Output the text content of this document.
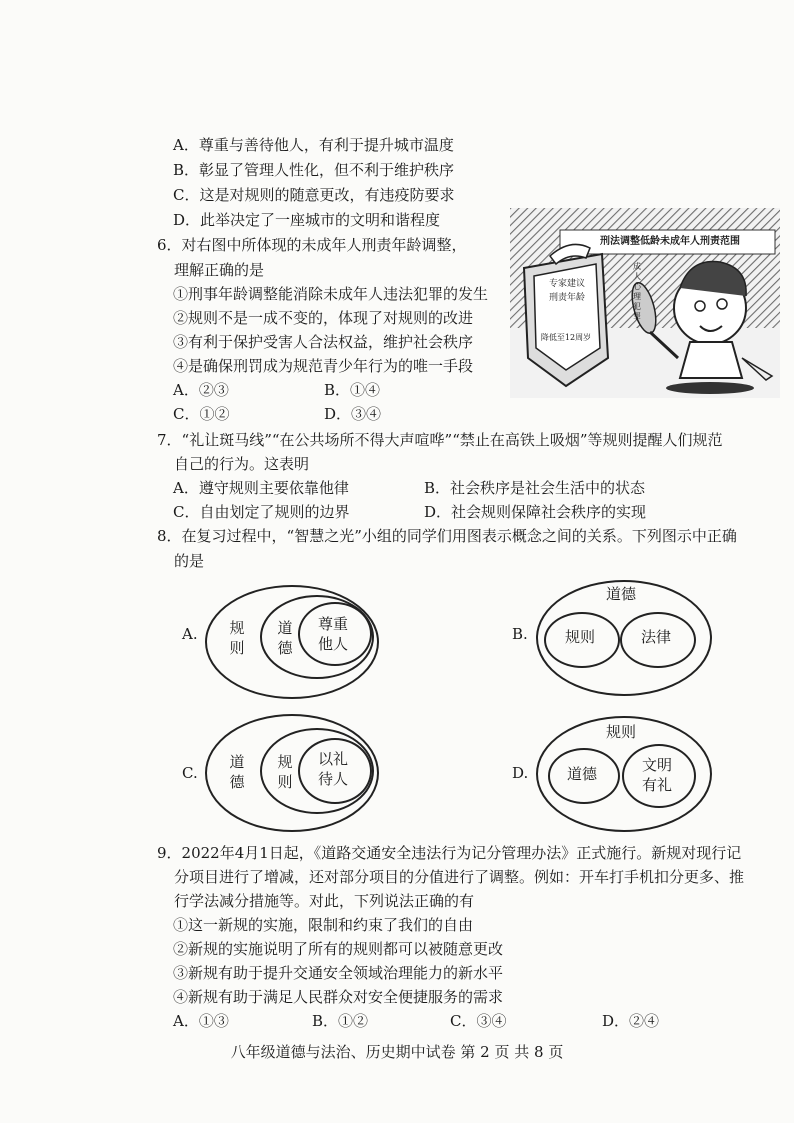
A．尊重与善待他人，有利于提升城市温度
B．彰显了管理人性化，但不利于维护秩序
C．这是对规则的随意更改，有违疫防要求
D．此举决定了一座城市的文明和谐程度
6．对右图中所体现的未成年人刑责年龄调整，
理解正确的是
①刑事年龄调整能消除未成年人违法犯罪的发生
②规则不是一成不变的，体现了对规则的改进
③有利于保护受害人合法权益，维护社会秩序
④是确保刑罚成为规范青少年行为的唯一手段
A．②③	B．①④
C．①②	D．③④
刑法调整低龄未成年人刑责范围
专家建议
刑责年龄
降低至12周岁
成人心理犯罪
7．“礼让斑马线”“在公共场所不得大声喧哗”“禁止在高铁上吸烟”等规则提醒人们规范
自己的行为。这表明
A．遵守规则主要依靠他律	B．社会秩序是社会生活中的状态
C．自由划定了规则的边界	D．社会规则保障社会秩序的实现
8．在复习过程中，“智慧之光”小组的同学们用图表示概念之间的关系。下列图示中正确
的是
A. 规则
道德
尊重他人
B.
道德
规则	法律
C.
道德
规则
以礼待人	D.
规则
道德	文明有礼
9．2022年4月1日起，《道路交通安全违法行为记分管理办法》正式施行。新规对现行记
分项目进行了增减，还对部分项目的分值进行了调整。例如：开车打手机扣分更多、推
行学法减分措施等。对此，下列说法正确的有
①这一新规的实施，限制和约束了我们的自由
②新规的实施说明了所有的规则都可以被随意更改
③新规有助于提升交通安全领域治理能力的新水平
④新规有助于满足人民群众对安全便捷服务的需求
A．①③	B．①②	C．③④	D．②④
八年级道德与法治、历史期中试卷 第 2 页 共 8 页
